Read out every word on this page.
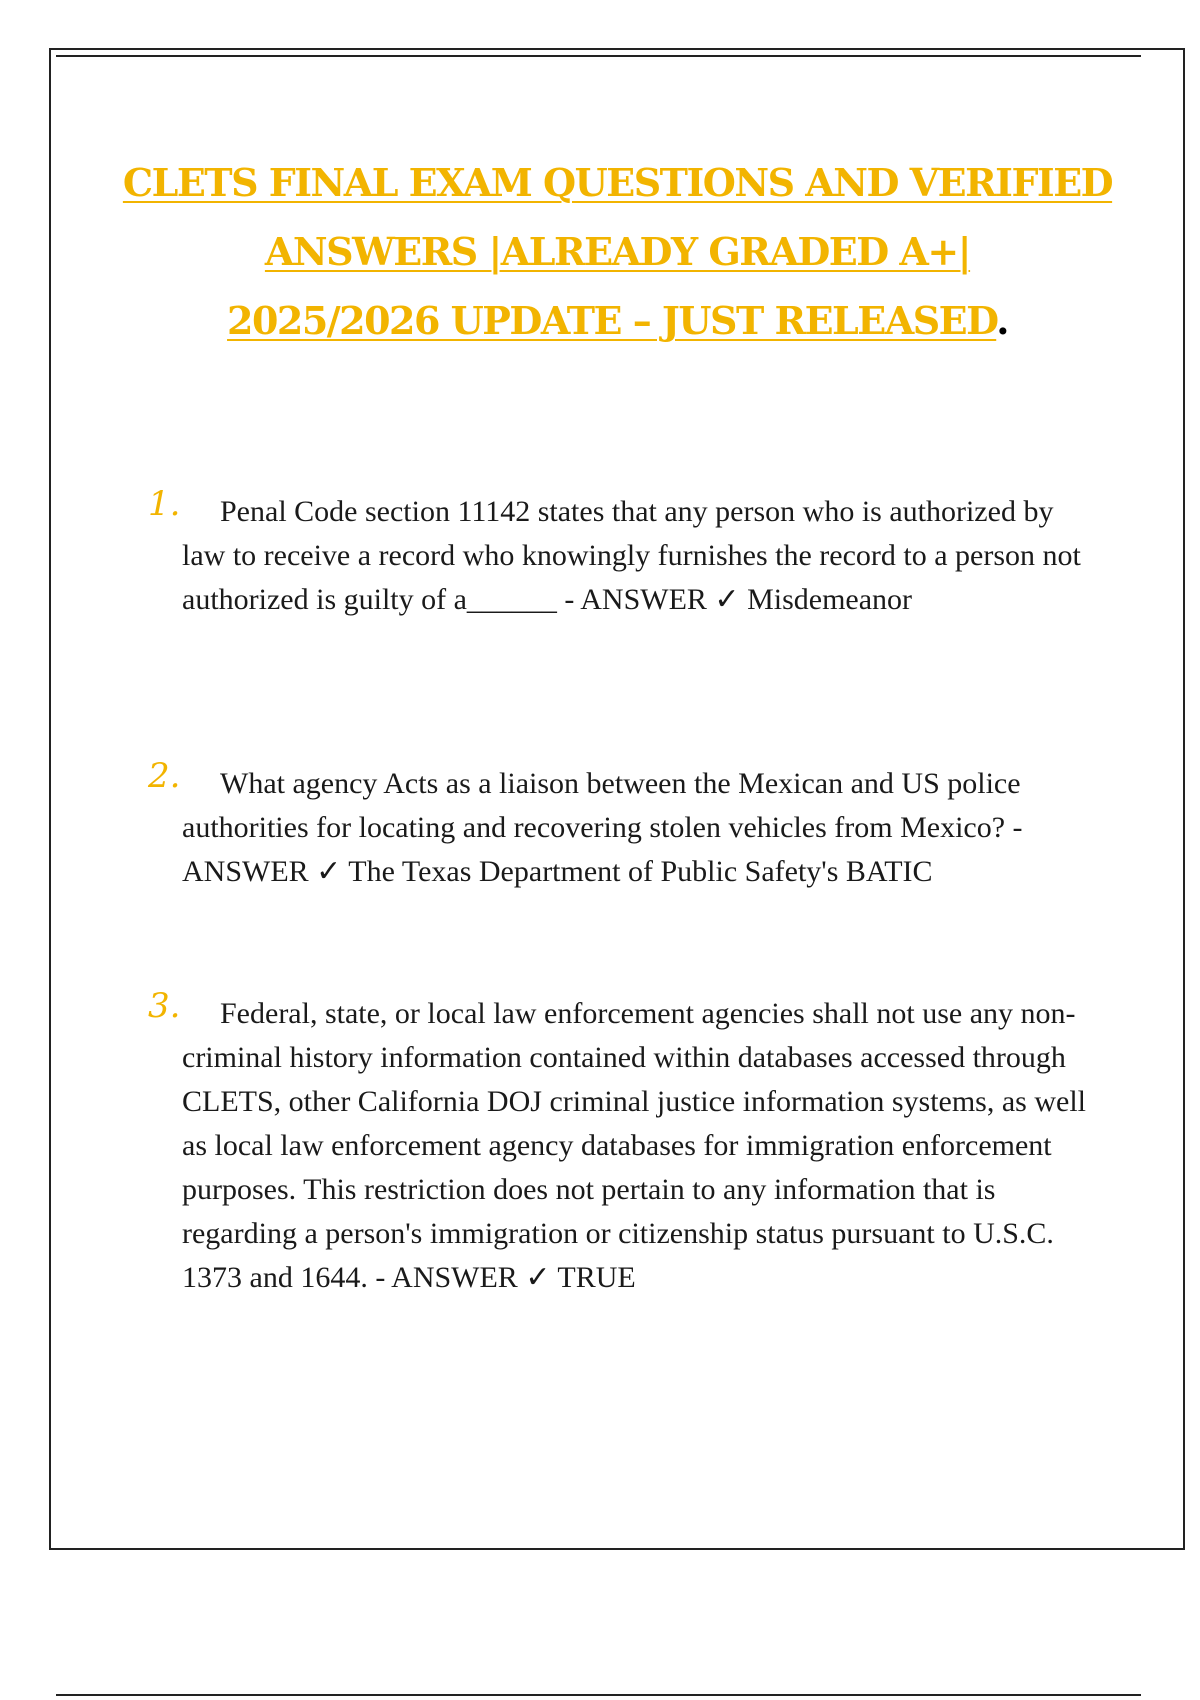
CLETS FINAL EXAM QUESTIONS AND VERIFIED
ANSWERS |ALREADY GRADED A+|
2025/2026 UPDATE – JUST RELEASED.
1.	Penal Code section 11142 states that any person who is authorized by law to receive a record who knowingly furnishes the record to a person not authorized is guilty of a______ - ANSWER ✓ Misdemeanor

2.	What agency Acts as a liaison between the Mexican and US police authorities for locating and recovering stolen vehicles from Mexico? - ANSWER ✓ The Texas Department of Public Safety's BATIC

3.	Federal, state, or local law enforcement agencies shall not use any non-criminal history information contained within databases accessed through CLETS, other California DOJ criminal justice information systems, as well as local law enforcement agency databases for immigration enforcement purposes. This restriction does not pertain to any information that is regarding a person's immigration or citizenship status pursuant to U.S.C. 1373 and 1644. - ANSWER ✓ TRUE
